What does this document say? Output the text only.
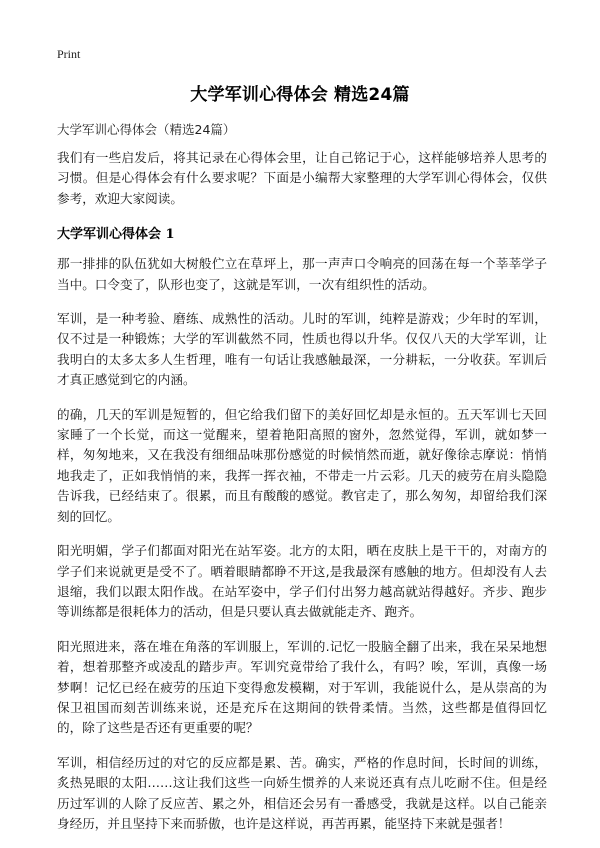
Print
大学军训心得体会 精选24篇
大学军训心得体会（精选24篇）

我们有一些启发后，将其记录在心得体会里，让自己铭记于心，这样能够培养人思考的习惯。但是心得体会有什么要求呢？下面是小编帮大家整理的大学军训心得体会，仅供参考，欢迎大家阅读。

大学军训心得体会 1

那一排排的队伍犹如大树般伫立在草坪上，那一声声口令响亮的回荡在每一个莘莘学子当中。口令变了，队形也变了，这就是军训，一次有组织性的活动。

军训，是一种考验、磨练、成熟性的活动。儿时的军训，纯粹是游戏；少年时的军训，仅不过是一种锻炼；大学的军训截然不同，性质也得以升华。仅仅八天的大学军训，让我明白的太多太多人生哲理，唯有一句话让我感触最深，一分耕耘，一分收获。军训后才真正感觉到它的内涵。

的确，几天的军训是短暂的，但它给我们留下的美好回忆却是永恒的。五天军训七天回家睡了一个长觉，而这一觉醒来，望着艳阳高照的窗外，忽然觉得，军训，就如梦一样，匆匆地来，又在我没有细细品味那份感觉的时候悄然而逝，就好像徐志摩说：悄悄地我走了，正如我悄悄的来，我挥一挥衣袖，不带走一片云彩。几天的疲劳在肩头隐隐告诉我，已经结束了。很累，而且有酸酸的感觉。教官走了，那么匆匆，却留给我们深刻的回忆。

阳光明媚，学子们都面对阳光在站军姿。北方的太阳，晒在皮肤上是干干的，对南方的学子们来说就更是受不了。晒着眼睛都睁不开这,是我最深有感触的地方。但却没有人去退缩，我们以跟太阳作战。在站军姿中，学子们付出努力越高就站得越好。齐步、跑步等训练都是很耗体力的活动，但是只要认真去做就能走齐、跑齐。

阳光照进来，落在堆在角落的军训服上，军训的.记忆一股脑全翻了出来，我在呆呆地想着，想着那整齐或凌乱的踏步声。军训究竟带给了我什么，有吗？唉，军训，真像一场梦啊！记忆已经在疲劳的压迫下变得愈发模糊，对于军训，我能说什么，是从崇高的为保卫祖国而刻苦训练来说，还是充斥在这期间的铁骨柔情。当然，这些都是值得回忆的，除了这些是否还有更重要的呢？

军训，相信经历过的对它的反应都是累、苦。确实，严格的作息时间，长时间的训练，炙热晃眼的太阳……这让我们这些一向娇生惯养的人来说还真有点儿吃耐不住。但是经历过军训的人除了反应苦、累之外，相信还会另有一番感受，我就是这样。以自己能亲身经历，并且坚持下来而骄傲，也许是这样说，再苦再累，能坚持下来就是强者！
